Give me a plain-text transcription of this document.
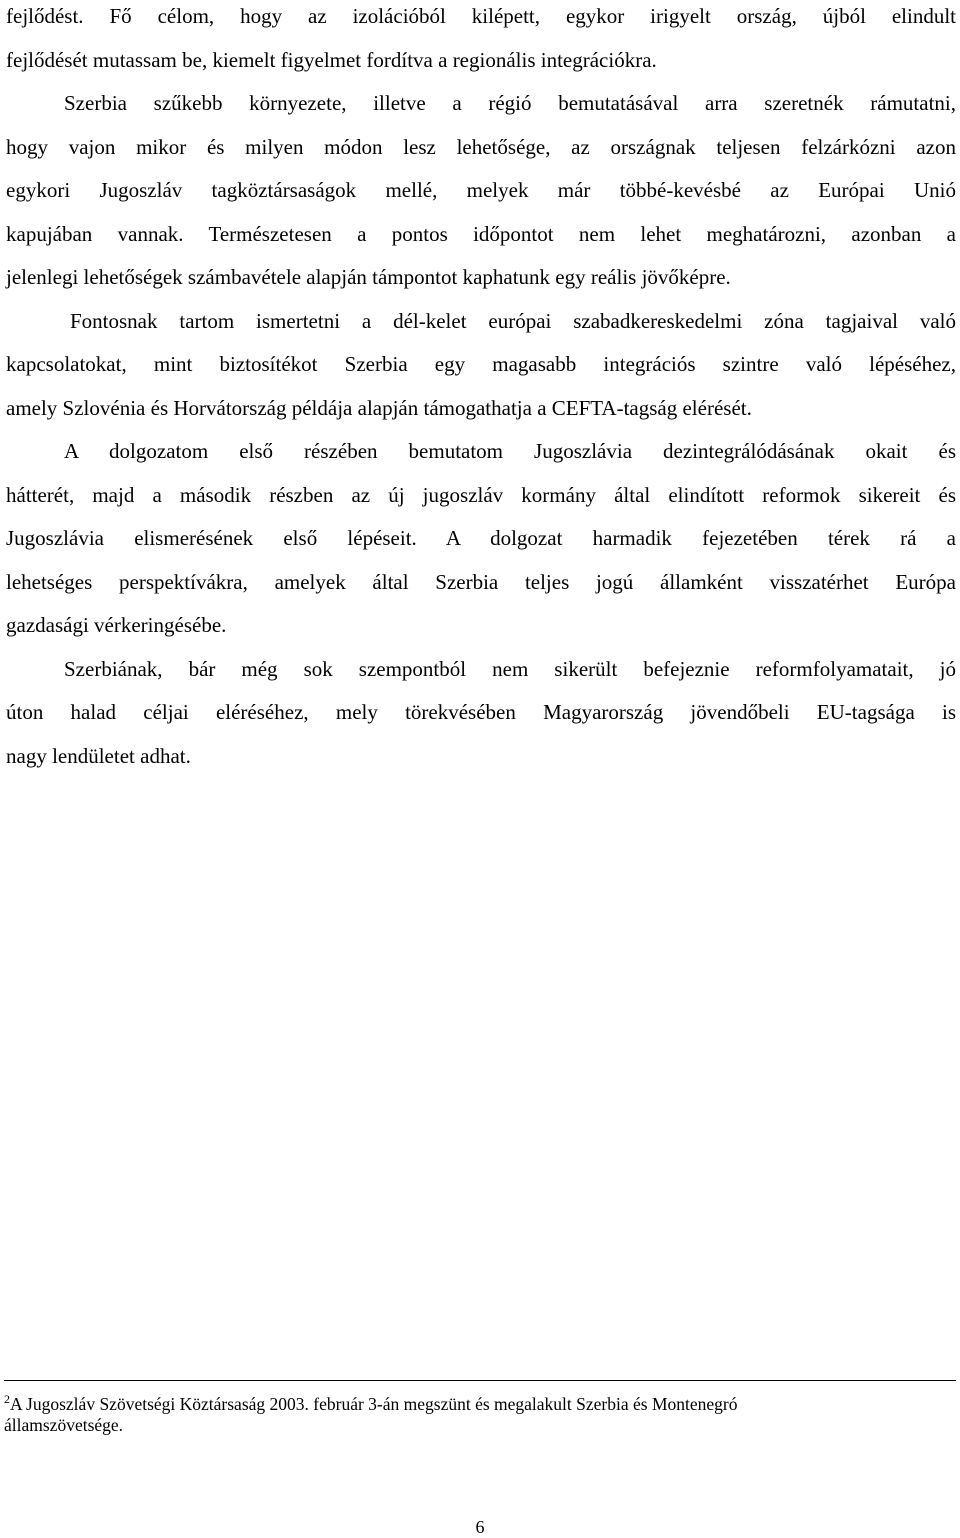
fejlődést. Fő célom, hogy az izolációból kilépett, egykor irigyelt ország, újból elindult
fejlődését mutassam be, kiemelt figyelmet fordítva a regionális integrációkra.
Szerbia szűkebb környezete, illetve a régió bemutatásával arra szeretnék rámutatni,
hogy vajon mikor és milyen módon lesz lehetősége, az országnak teljesen felzárkózni azon
egykori Jugoszláv tagköztársaságok mellé, melyek már többé-kevésbé az Európai Unió
kapujában vannak. Természetesen a pontos időpontot nem lehet meghatározni, azonban a
jelenlegi lehetőségek számbavétele alapján támpontot kaphatunk egy reális jövőképre.
Fontosnak tartom ismertetni a dél-kelet európai szabadkereskedelmi zóna tagjaival való
kapcsolatokat, mint biztosítékot Szerbia egy magasabb integrációs szintre való lépéséhez,
amely Szlovénia és Horvátország példája alapján támogathatja a CEFTA-tagság elérését.
A dolgozatom első részében bemutatom Jugoszlávia dezintegrálódásának okait és
hátterét, majd a második részben az új jugoszláv kormány által elindított reformok sikereit és
Jugoszlávia elismerésének első lépéseit. A dolgozat harmadik fejezetében térek rá a
lehetséges perspektívákra, amelyek által Szerbia teljes jogú államként visszatérhet Európa
gazdasági vérkeringésébe.
Szerbiának, bár még sok szempontból nem sikerült befejeznie reformfolyamatait, jó
úton halad céljai eléréséhez, mely törekvésében Magyarország jövendőbeli EU-tagsága is
nagy lendületet adhat.
$^2$A Jugoszláv Szövetségi Köztársaság 2003. február 3-án megszünt és megalakult Szerbia és Montenegró
államszövetsége.
6
